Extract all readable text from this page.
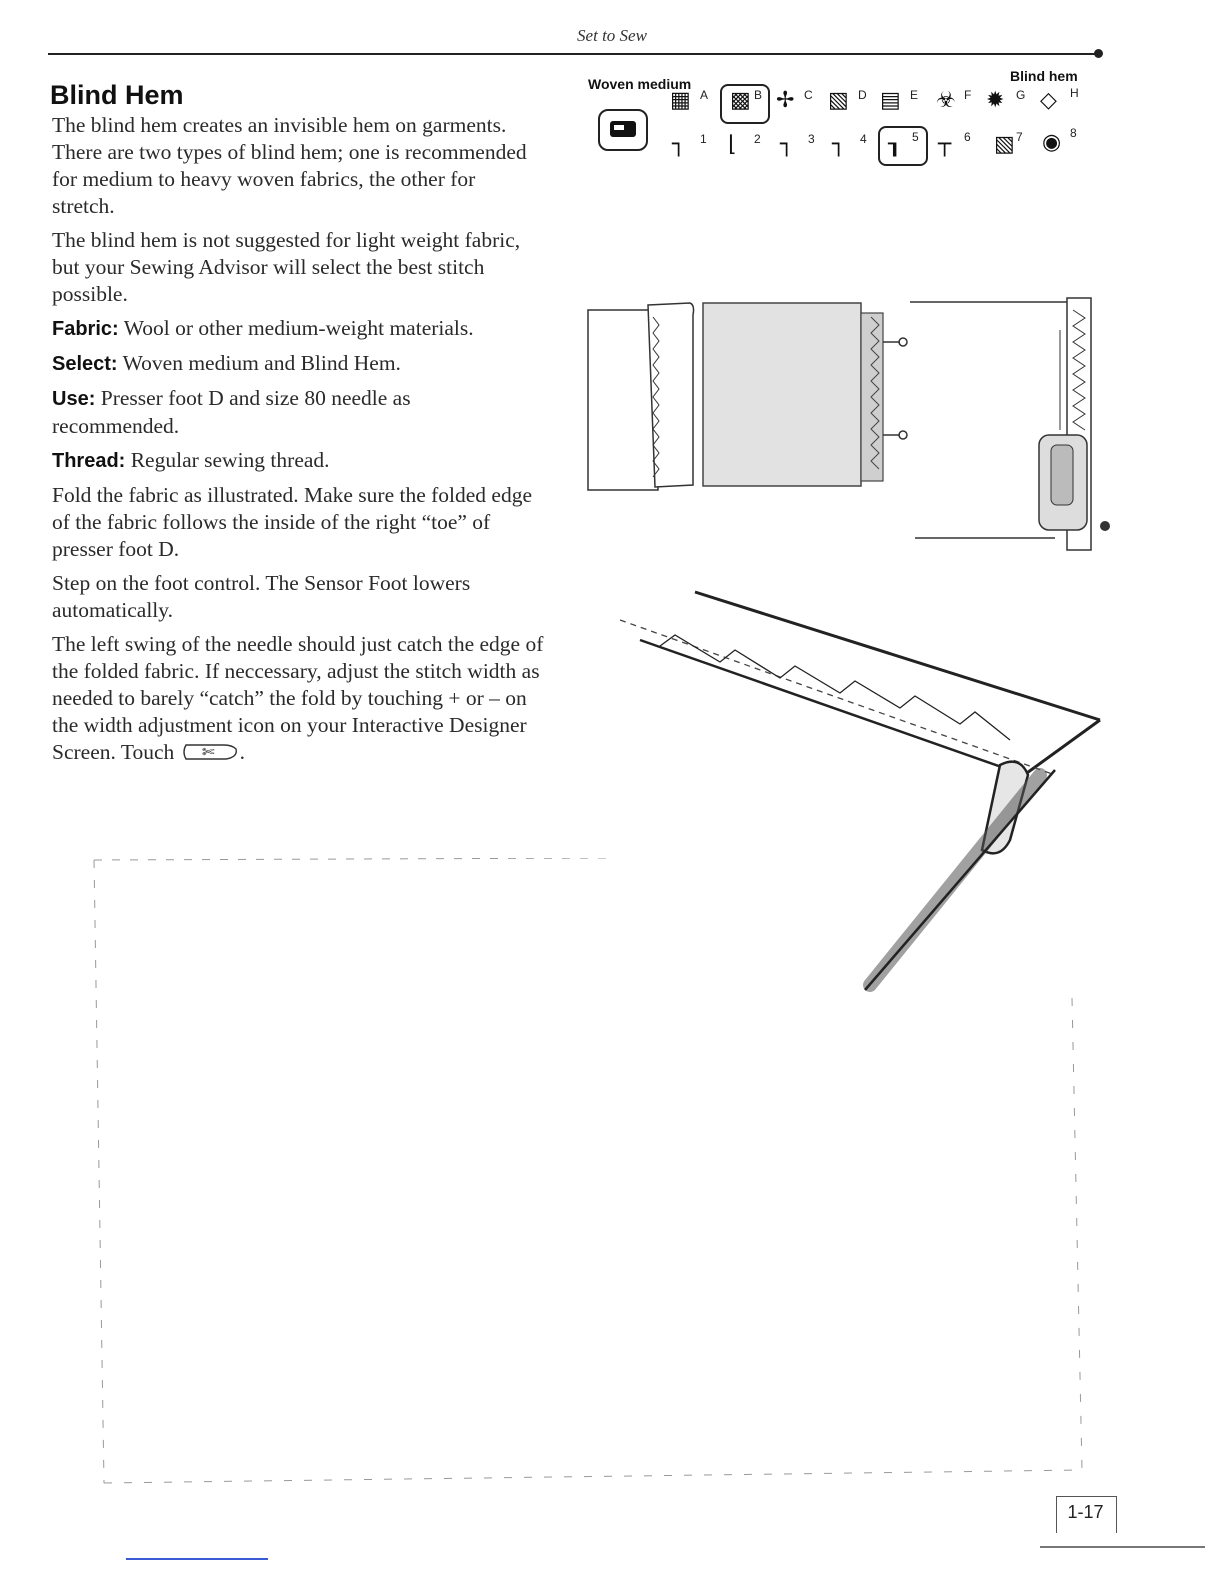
Set to Sew
Blind Hem

The blind hem creates an invisible hem on garments. There are two types of blind hem; one is recommended for medium to heavy woven fabrics, the other for stretch.

The blind hem is not suggested for light weight fabric, but your Sewing Advisor will select the best stitch possible.

Fabric: Wool or other medium-weight materials.

Select: Woven medium and Blind Hem.

Use: Presser foot D and size 80 needle as recommended.

Thread: Regular sewing thread.

Fold the fabric as illustrated. Make sure the folded edge of the fabric follows the inside of the right “toe” of presser foot D.

Step on the foot control. The Sensor Foot lowers automatically.

The left swing of the needle should just catch the edge of the folded fabric. If neccessary, adjust the stitch width as needed to barely “catch” the fold by touching + or – on the width adjustment icon on your Interactive Designer Screen. Touch ✄ .

Woven medium	Blind hem
▦ A ▩ B ✢ C ▧ D ▤ E ☣ F ✹ G ◇ H
┐ 1 ⌊ 2 ┐ 3 ┐ 4 ┒ 5 ┬ 6 ▧ 7 ◉ 8
1-17
